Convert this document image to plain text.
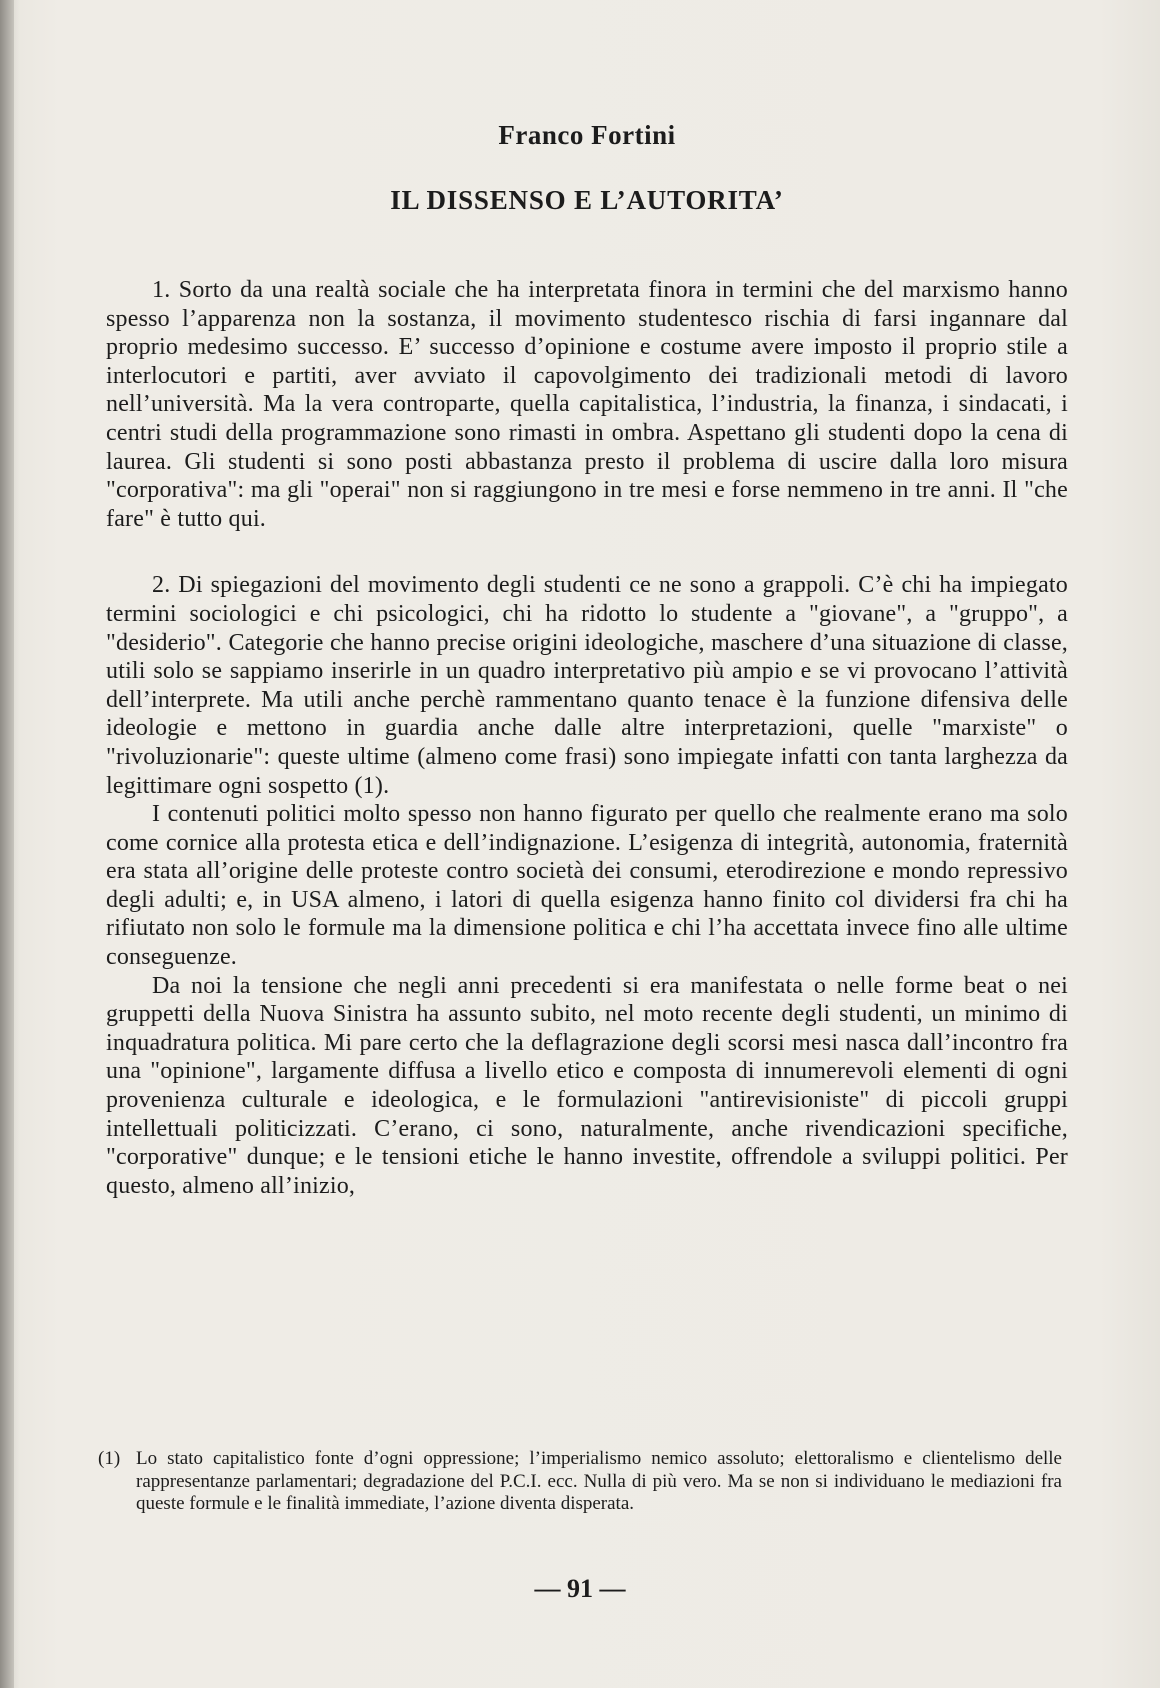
Franco Fortini
IL DISSENSO E L’AUTORITA’

1. Sorto da una realtà sociale che ha interpretata finora in termini che del marxismo hanno spesso l’apparenza non la sostanza, il movimento studentesco rischia di farsi ingannare dal proprio medesimo successo. E’ successo d’opinione e costume avere imposto il proprio stile a interlocutori e partiti, aver avviato il capovolgimento dei tradizionali metodi di lavoro nell’università. Ma la vera controparte, quella capitalistica, l’industria, la finanza, i sindacati, i centri studi della programmazione sono rimasti in ombra. Aspettano gli studenti dopo la cena di laurea. Gli studenti si sono posti abbastanza presto il problema di uscire dalla loro misura "corporativa": ma gli "operai" non si raggiungono in tre mesi e forse nemmeno in tre anni. Il "che fare" è tutto qui.

2. Di spiegazioni del movimento degli studenti ce ne sono a grappoli. C’è chi ha impiegato termini sociologici e chi psicologici, chi ha ridotto lo studente a "giovane", a "gruppo", a "desiderio". Categorie che hanno precise origini ideologiche, maschere d’una situazione di classe, utili solo se sappiamo inserirle in un quadro interpretativo più ampio e se vi provocano l’attività dell’interprete. Ma utili anche perchè rammentano quanto tenace è la funzione difensiva delle ideologie e mettono in guardia anche dalle altre interpretazioni, quelle "marxiste" o "rivoluzionarie": queste ultime (almeno come frasi) sono impiegate infatti con tanta larghezza da legittimare ogni sospetto (1).

I contenuti politici molto spesso non hanno figurato per quello che realmente erano ma solo come cornice alla protesta etica e dell’indignazione. L’esigenza di integrità, autonomia, fraternità era stata all’origine delle proteste contro società dei consumi, eterodirezione e mondo repressivo degli adulti; e, in USA almeno, i latori di quella esigenza hanno finito col dividersi fra chi ha rifiutato non solo le formule ma la dimensione politica e chi l’ha accettata invece fino alle ultime conseguenze.

Da noi la tensione che negli anni precedenti si era manifestata o nelle forme beat o nei gruppetti della Nuova Sinistra ha assunto subito, nel moto recente degli studenti, un minimo di inquadratura politica. Mi pare certo che la deflagrazione degli scorsi mesi nasca dall’incontro fra una "opinione", largamente diffusa a livello etico e composta di innumerevoli elementi di ogni provenienza culturale e ideologica, e le formulazioni "antirevisioniste" di piccoli gruppi intellettuali politicizzati. C’erano, ci sono, naturalmente, anche rivendicazioni specifiche, "corporative" dunque; e le tensioni etiche le hanno investite, offrendole a sviluppi politici. Per questo, almeno all’inizio,

(1) Lo stato capitalistico fonte d’ogni oppressione; l’imperialismo nemico assoluto; elettoralismo e clientelismo delle rappresentanze parlamentari; degradazione del P.C.I. ecc. Nulla di più vero. Ma se non si individuano le mediazioni fra queste formule e le finalità immediate, l’azione diventa disperata.
— 91 —
